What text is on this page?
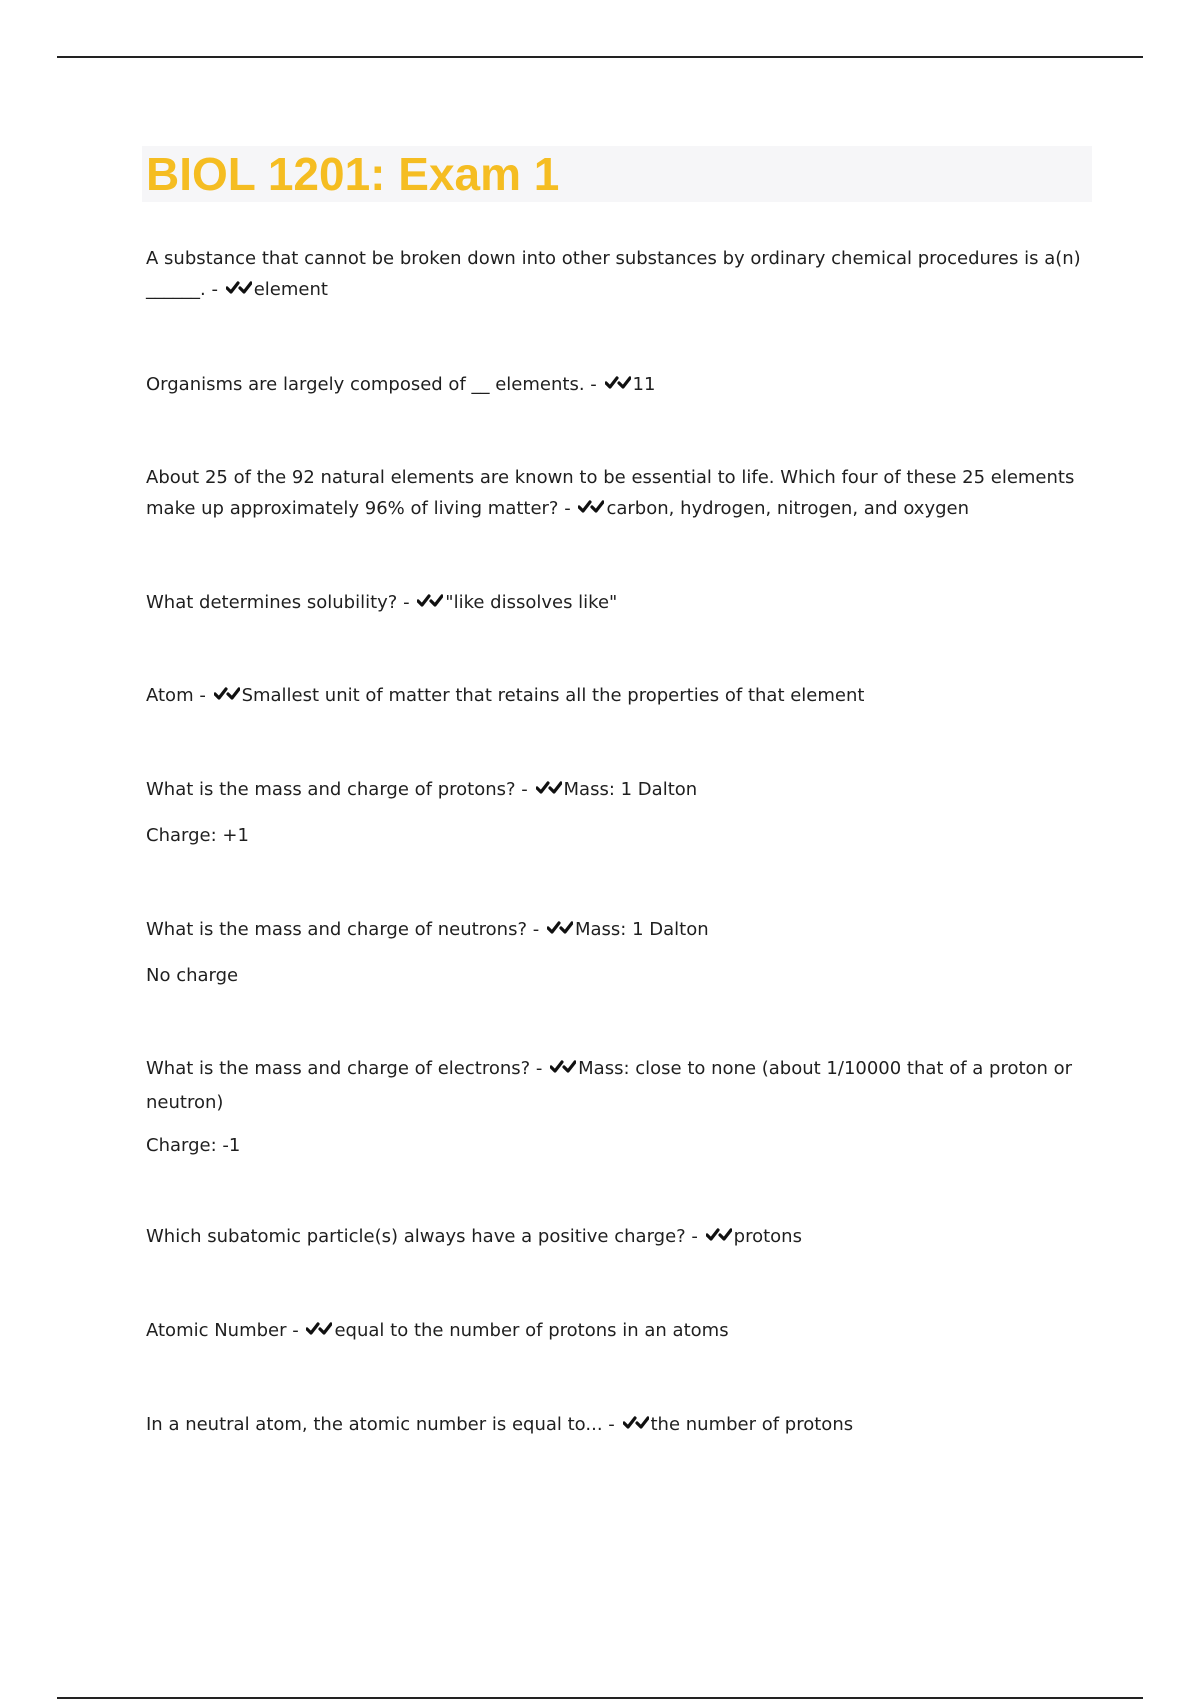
BIOL 1201: Exam 1

A substance that cannot be broken down into other substances by ordinary chemical procedures is a(n) ______. - element

Organisms are largely composed of __ elements. - 11

About 25 of the 92 natural elements are known to be essential to life. Which four of these 25 elements make up approximately 96% of living matter? - carbon, hydrogen, nitrogen, and oxygen

What determines solubility? - "like dissolves like"

Atom - Smallest unit of matter that retains all the properties of that element

What is the mass and charge of protons? - Mass: 1 Dalton

Charge: +1

What is the mass and charge of neutrons? - Mass: 1 Dalton

No charge

What is the mass and charge of electrons? - Mass: close to none (about 1/10000 that of a proton or neutron)

Charge: -1

Which subatomic particle(s) always have a positive charge? - protons

Atomic Number - equal to the number of protons in an atoms

In a neutral atom, the atomic number is equal to... - the number of protons
